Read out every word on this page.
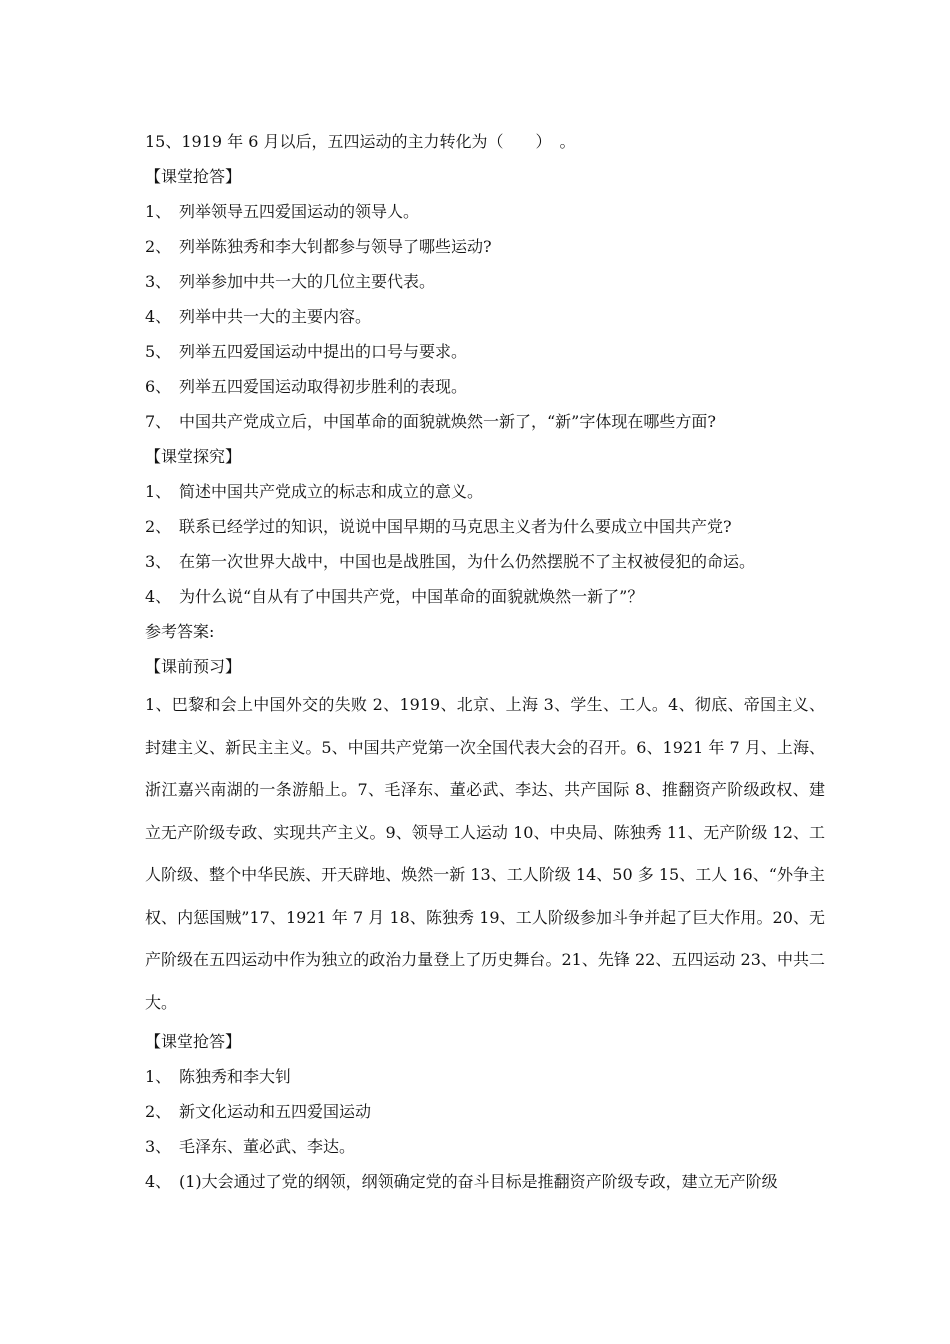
15、1919 年 6 月以后，五四运动的主力转化为（　　）　。
【课堂抢答】
1、 列举领导五四爱国运动的领导人。
2、 列举陈独秀和李大钊都参与领导了哪些运动?
3、 列举参加中共一大的几位主要代表。
4、 列举中共一大的主要内容。
5、 列举五四爱国运动中提出的口号与要求。
6、 列举五四爱国运动取得初步胜利的表现。
7、 中国共产党成立后，中国革命的面貌就焕然一新了，“新”字体现在哪些方面?
【课堂探究】
1、 简述中国共产党成立的标志和成立的意义。
2、 联系已经学过的知识，说说中国早期的马克思主义者为什么要成立中国共产党?
3、 在第一次世界大战中，中国也是战胜国，为什么仍然摆脱不了主权被侵犯的命运。
4、 为什么说“自从有了中国共产党，中国革命的面貌就焕然一新了”？
参考答案:
【课前预习】
1、巴黎和会上中国外交的失败 2、1919、北京、上海 3、学生、工人。4、彻底、帝国主义、封建主义、新民主主义。5、中国共产党第一次全国代表大会的召开。6、1921 年 7 月、上海、浙江嘉兴南湖的一条游船上。7、毛泽东、董必武、李达、共产国际 8、推翻资产阶级政权、建立无产阶级专政、实现共产主义。9、领导工人运动 10、中央局、陈独秀 11、无产阶级 12、工人阶级、整个中华民族、开天辟地、焕然一新 13、工人阶级 14、50 多 15、工人 16、“外争主权、内惩国贼”17、1921 年 7 月 18、陈独秀 19、工人阶级参加斗争并起了巨大作用。20、无产阶级在五四运动中作为独立的政治力量登上了历史舞台。21、先锋 22、五四运动 23、中共二大。
【课堂抢答】
1、 陈独秀和李大钊
2、 新文化运动和五四爱国运动
3、 毛泽东、董必武、李达。
4、 (1)大会通过了党的纲领，纲领确定党的奋斗目标是推翻资产阶级专政，建立无产阶级
